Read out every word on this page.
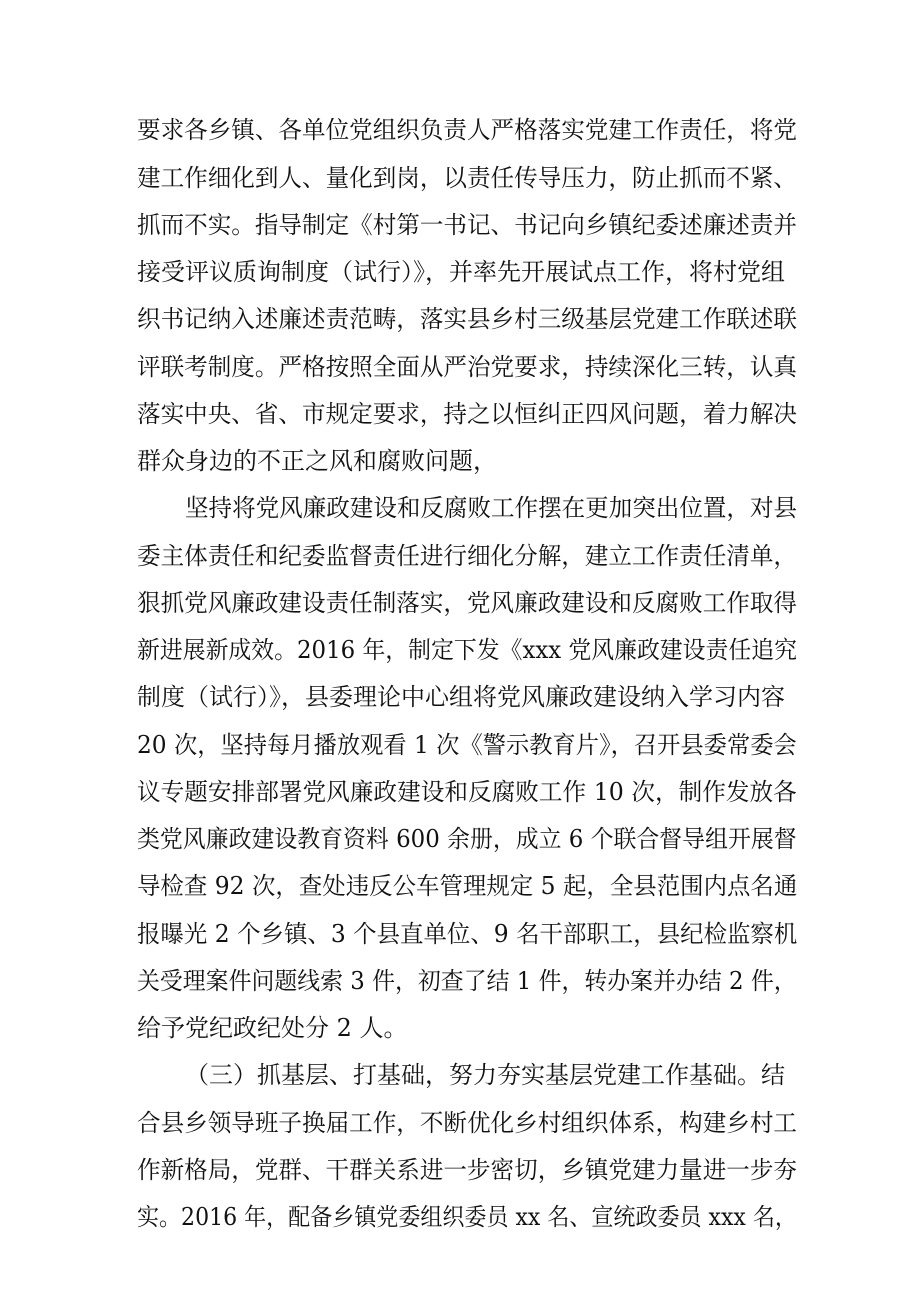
要求各乡镇、各单位党组织负责人严格落实党建工作责任，将党
建工作细化到人、量化到岗，以责任传导压力，防止抓而不紧、
抓而不实。指导制定《村第一书记、书记向乡镇纪委述廉述责并
接受评议质询制度（试行）》，并率先开展试点工作，将村党组
织书记纳入述廉述责范畴，落实县乡村三级基层党建工作联述联
评联考制度。严格按照全面从严治党要求，持续深化三转，认真
落实中央、省、市规定要求，持之以恒纠正四风问题，着力解决
群众身边的不正之风和腐败问题，
坚持将党风廉政建设和反腐败工作摆在更加突出位置，对县
委主体责任和纪委监督责任进行细化分解，建立工作责任清单，
狠抓党风廉政建设责任制落实，党风廉政建设和反腐败工作取得
新进展新成效。2016 年，制定下发《xxx 党风廉政建设责任追究
制度（试行）》，县委理论中心组将党风廉政建设纳入学习内容
20 次，坚持每月播放观看 1 次《警示教育片》，召开县委常委会
议专题安排部署党风廉政建设和反腐败工作 10 次，制作发放各
类党风廉政建设教育资料 600 余册，成立 6 个联合督导组开展督
导检查 92 次，查处违反公车管理规定 5 起，全县范围内点名通
报曝光 2 个乡镇、3 个县直单位、9 名干部职工，县纪检监察机
关受理案件问题线索 3 件，初查了结 1 件，转办案并办结 2 件，
给予党纪政纪处分 2 人。
（三）抓基层、打基础，努力夯实基层党建工作基础。结
合县乡领导班子换届工作，不断优化乡村组织体系，构建乡村工
作新格局，党群、干群关系进一步密切，乡镇党建力量进一步夯
实。2016 年，配备乡镇党委组织委员 xx 名、宣统政委员 xxx 名，
